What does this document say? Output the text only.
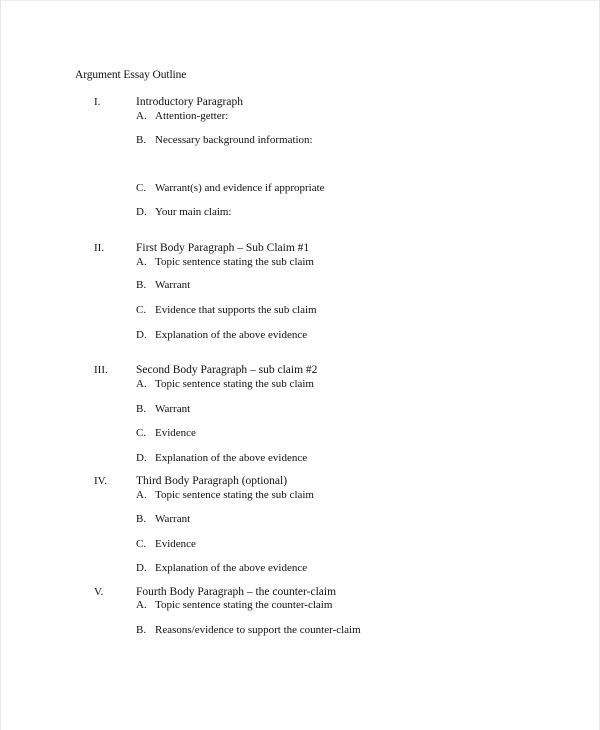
Argument Essay Outline
I.	Introductory Paragraph
A. Attention-getter:
B. Necessary background information:
C. Warrant(s) and evidence if appropriate
D. Your main claim:
II.	First Body Paragraph – Sub Claim #1
A. Topic sentence stating the sub claim
B. Warrant
C. Evidence that supports the sub claim
D. Explanation of the above evidence
III. Second Body Paragraph – sub claim #2
A. Topic sentence stating the sub claim
B. Warrant
C. Evidence
D. Explanation of the above evidence
IV.	Third Body Paragraph (optional)
A. Topic sentence stating the sub claim
B. Warrant
C. Evidence
D. Explanation of the above evidence
V.	Fourth Body Paragraph – the counter-claim
A. Topic sentence stating the counter-claim
B. Reasons/evidence to support the counter-claim
